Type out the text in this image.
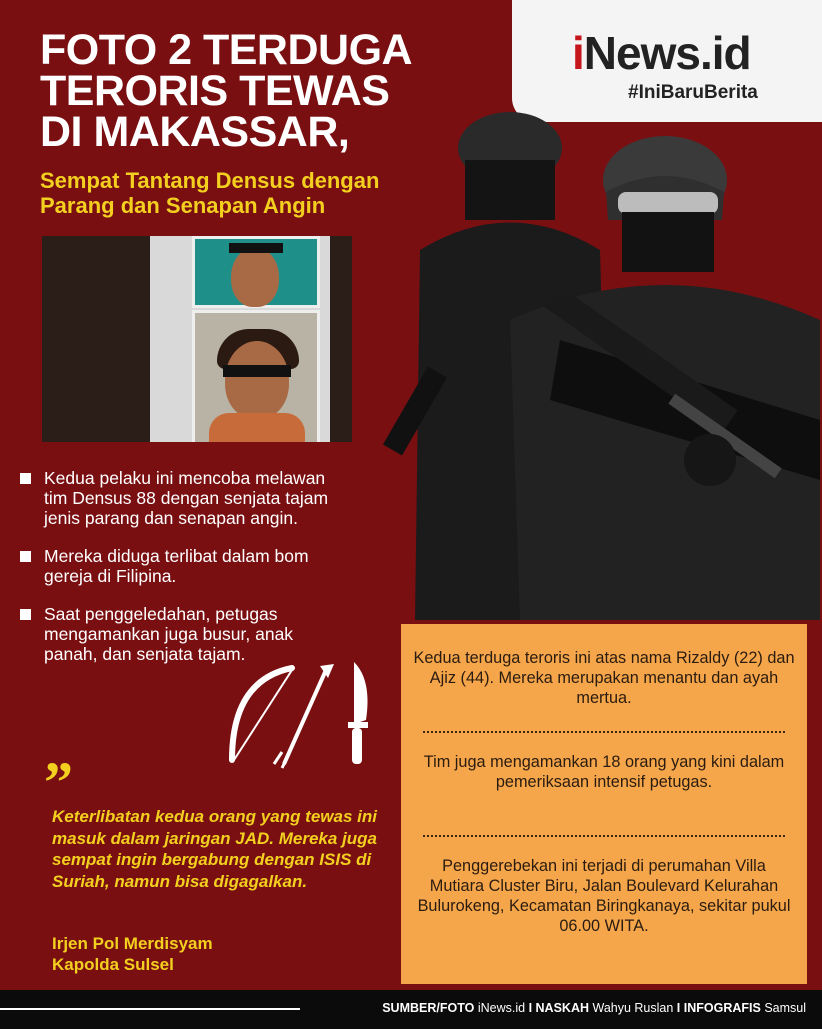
iNews.id
#IniBaruBerita
FOTO 2 TERDUGA
TERORIS TEWAS
DI MAKASSAR,
Sempat Tantang Densus dengan
Parang dan Senapan Angin
Kedua pelaku ini mencoba melawan tim Densus 88 dengan senjata tajam jenis parang dan senapan angin.
Mereka diduga terlibat dalam bom gereja di Filipina.
Saat penggeledahan, petugas mengamankan juga busur, anak panah, dan senjata tajam.
”
Keterlibatan kedua orang yang tewas ini masuk dalam jaringan JAD. Mereka juga sempat ingin bergabung dengan ISIS di Suriah, namun bisa digagalkan.
Irjen Pol Merdisyam
Kapolda Sulsel
Kedua terduga teroris ini atas nama Rizaldy (22) dan Ajiz (44). Mereka merupakan menantu dan ayah mertua.
Tim juga mengamankan 18 orang yang kini dalam pemeriksaan intensif petugas.
Penggerebekan ini terjadi di perumahan Villa Mutiara Cluster Biru, Jalan Boulevard Kelurahan Bulurokeng, Kecamatan Biringkanaya, sekitar pukul 06.00 WITA.
SUMBER/FOTO iNews.id I NASKAH Wahyu Ruslan I INFOGRAFIS Samsul
